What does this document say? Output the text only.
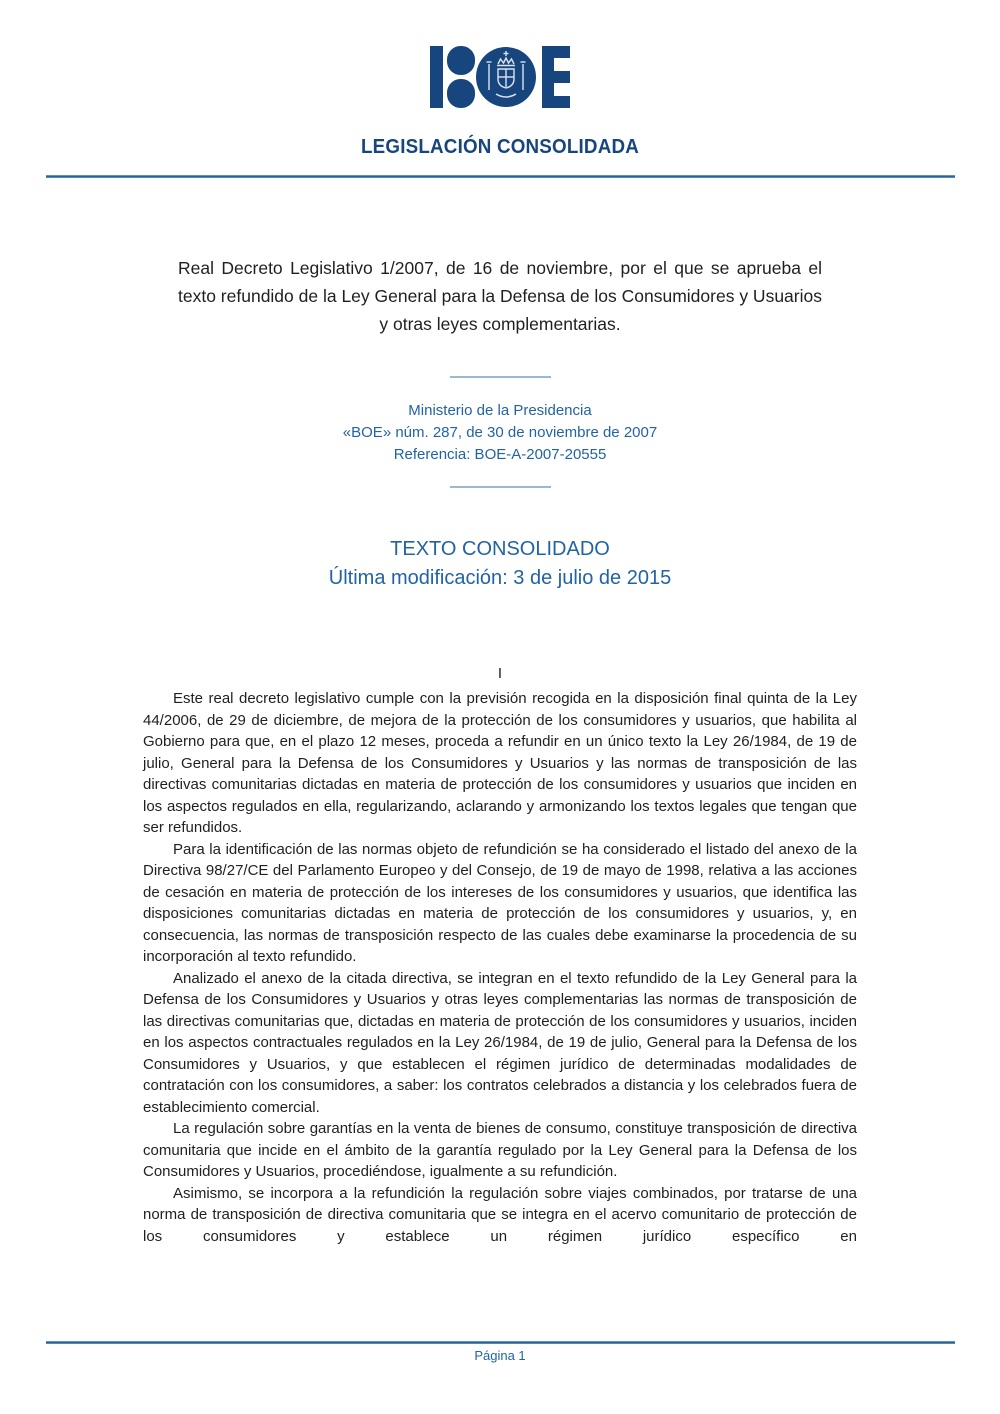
LEGISLACIÓN CONSOLIDADA
Real Decreto Legislativo 1/2007, de 16 de noviembre, por el que se aprueba el texto refundido de la Ley General para la Defensa de los Consumidores y Usuarios y otras leyes complementarias.
Ministerio de la Presidencia
«BOE» núm. 287, de 30 de noviembre de 2007
Referencia: BOE-A-2007-20555
TEXTO CONSOLIDADO
Última modificación: 3 de julio de 2015
I

Este real decreto legislativo cumple con la previsión recogida en la disposición final quinta de la Ley 44/2006, de 29 de diciembre, de mejora de la protección de los consumidores y usuarios, que habilita al Gobierno para que, en el plazo 12 meses, proceda a refundir en un único texto la Ley 26/1984, de 19 de julio, General para la Defensa de los Consumidores y Usuarios y las normas de transposición de las directivas comunitarias dictadas en materia de protección de los consumidores y usuarios que inciden en los aspectos regulados en ella, regularizando, aclarando y armonizando los textos legales que tengan que ser refundidos.

Para la identificación de las normas objeto de refundición se ha considerado el listado del anexo de la Directiva 98/27/CE del Parlamento Europeo y del Consejo, de 19 de mayo de 1998, relativa a las acciones de cesación en materia de protección de los intereses de los consumidores y usuarios, que identifica las disposiciones comunitarias dictadas en materia de protección de los consumidores y usuarios, y, en consecuencia, las normas de transposición respecto de las cuales debe examinarse la procedencia de su incorporación al texto refundido.

Analizado el anexo de la citada directiva, se integran en el texto refundido de la Ley General para la Defensa de los Consumidores y Usuarios y otras leyes complementarias las normas de transposición de las directivas comunitarias que, dictadas en materia de protección de los consumidores y usuarios, inciden en los aspectos contractuales regulados en la Ley 26/1984, de 19 de julio, General para la Defensa de los Consumidores y Usuarios, y que establecen el régimen jurídico de determinadas modalidades de contratación con los consumidores, a saber: los contratos celebrados a distancia y los celebrados fuera de establecimiento comercial.

La regulación sobre garantías en la venta de bienes de consumo, constituye transposición de directiva comunitaria que incide en el ámbito de la garantía regulado por la Ley General para la Defensa de los Consumidores y Usuarios, procediéndose, igualmente a su refundición.

Asimismo, se incorpora a la refundición la regulación sobre viajes combinados, por tratarse de una norma de transposición de directiva comunitaria que se integra en el acervo comunitario de protección de los consumidores y establece un régimen jurídico específico en

Página 1
